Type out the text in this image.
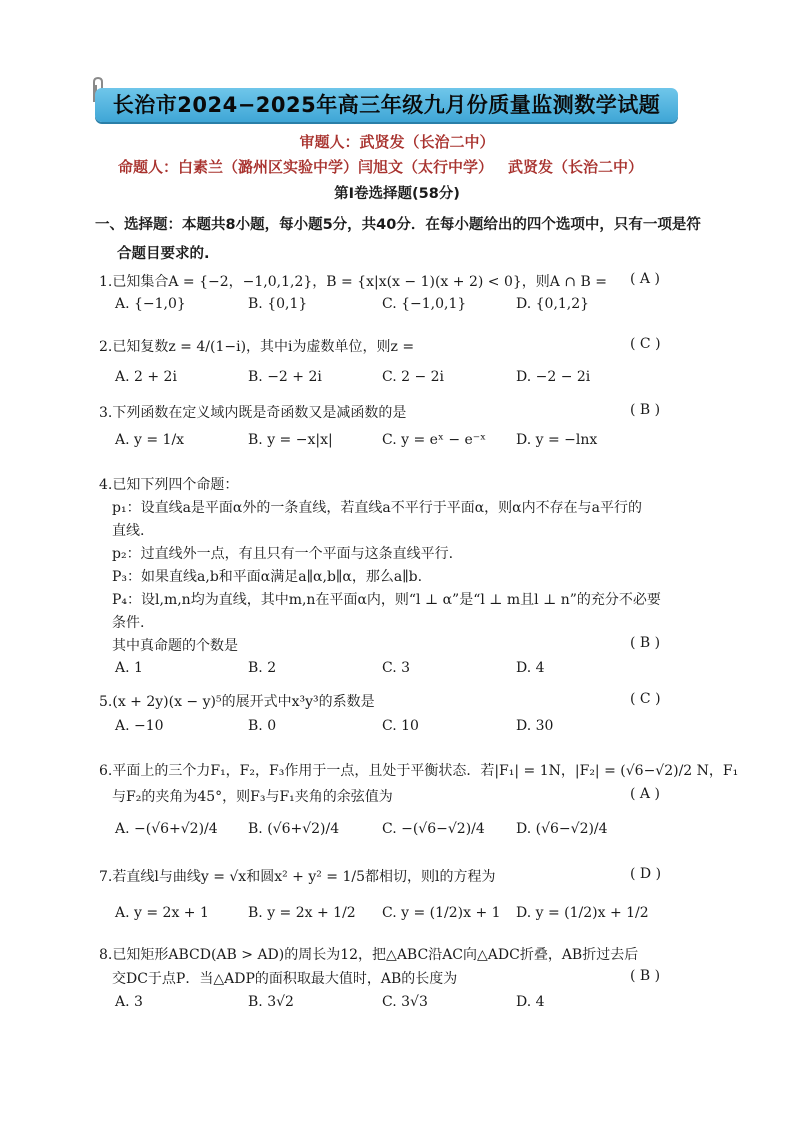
长治市2024−2025年高三年级九月份质量监测数学试题
审题人：武贤发（长治二中）
命题人：白素兰（潞州区实验中学） 闫旭文（太行中学） 武贤发（长治二中）
第Ⅰ卷选择题(58分)
一、选择题：本题共8小题，每小题5分，共40分．在每小题给出的四个选项中，只有一项是符
合题目要求的.
1.已知集合A = {−2，−1,0,1,2}，B = {x|x(x − 1)(x + 2) < 0}，则A ∩ B = ( A )
A. {−1,0}	B. {0,1}	C. {−1,0,1}	D. {0,1,2}
2.已知复数z = 4/(1−i)，其中i为虚数单位，则z =	( C )
A. 2 + 2i	B. −2 + 2i	C. 2 − 2i	D. −2 − 2i
3.下列函数在定义域内既是奇函数又是减函数的是	( B )
A. y = 1/x	B. y = −x|x|	C. y = eˣ − e⁻ˣ D. y = −lnx
4.已知下列四个命题：
p₁：设直线a是平面α外的一条直线，若直线a不平行于平面α，则α内不存在与a平行的
直线.
p₂：过直线外一点，有且只有一个平面与这条直线平行.
P₃：如果直线a,b和平面α满足a∥α,b∥α，那么a∥b.
P₄：设l,m,n均为直线，其中m,n在平面α内，则“l ⊥ α”是“l ⊥ m且l ⊥ n”的充分不必要
条件.
其中真命题的个数是	( B )
A. 1	B. 2	C. 3	D. 4
5.(x + 2y)(x − y)⁵的展开式中x³y³的系数是	( C )
A. −10	B. 0	C. 10	D. 30
6.平面上的三个力F₁，F₂，F₃作用于一点，且处于平衡状态．若|F₁| = 1N，|F₂| = (√6−√2)/2 N，F₁
与F₂的夹角为45°，则F₃与F₁夹角的余弦值为	( A )
A. −(√6+√2)/4 B. (√6+√2)/4	C. −(√6−√2)/4 D. (√6−√2)/4
7.若直线l与曲线y = √x和圆x² + y² = 1/5都相切，则l的方程为	( D )
A. y = 2x + 1	B. y = 2x + 1/2 C. y = (1/2)x + 1 D. y = (1/2)x + 1/2
8.已知矩形ABCD(AB > AD)的周长为12，把△ABC沿AC向△ADC折叠，AB折过去后
交DC于点P．当△ADP的面积取最大值时，AB的长度为	( B )
A. 3	B. 3√2	C. 3√3	D. 4
